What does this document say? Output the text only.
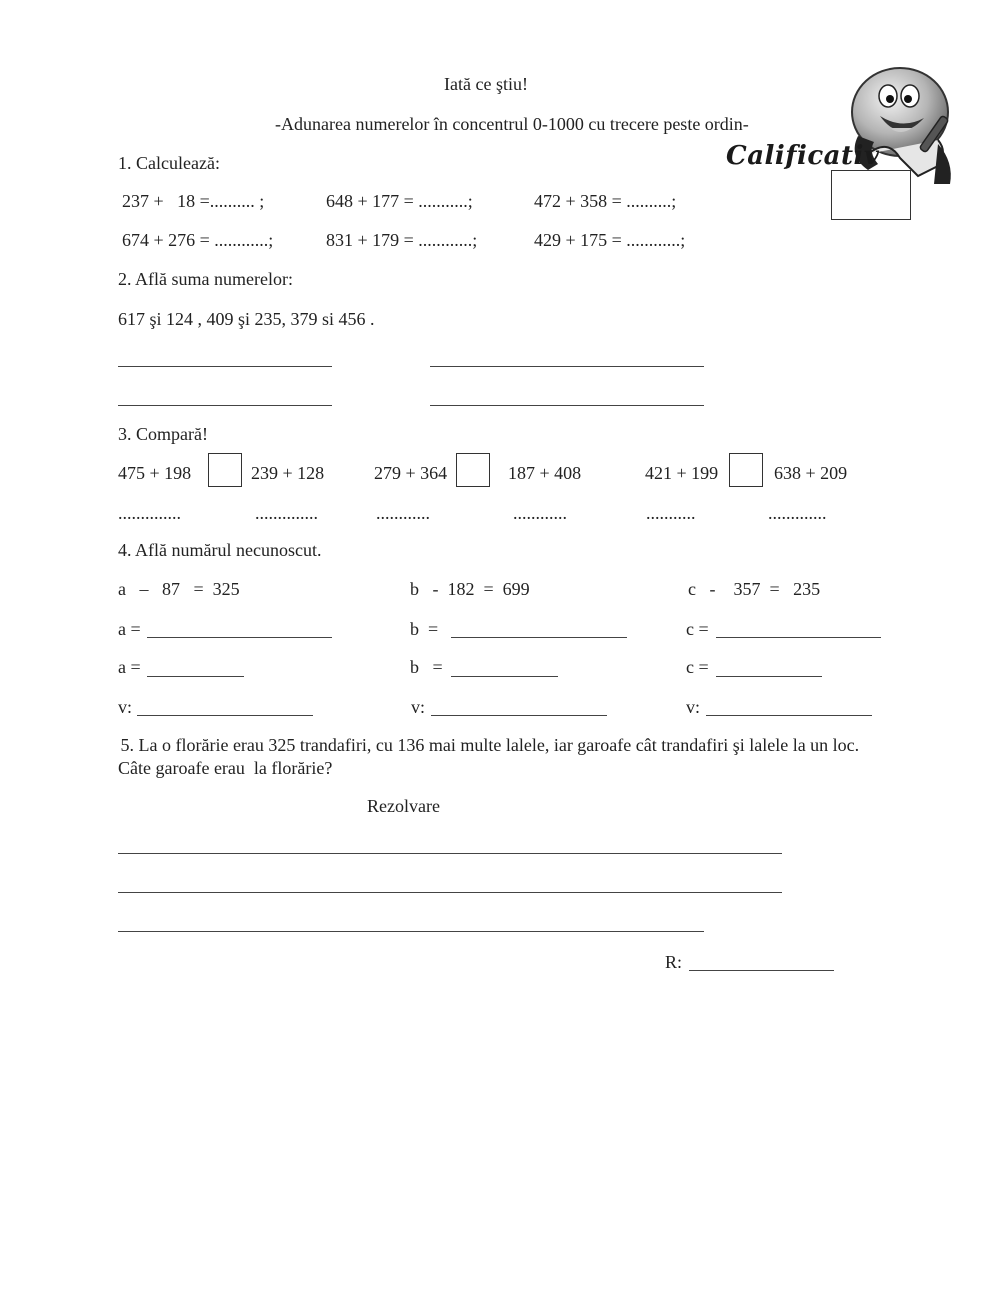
Iată ce ştiu!
-Adunarea numerelor în concentrul 0-1000 cu trecere peste ordin-
Calificativ
1. Calculează:
237 +   18 =.......... ;	648 + 177 = ...........;	472 + 358 = ..........;
674 + 276 = ............;	831 + 179 = ............;	429 + 175 = ............;
2. Află suma numerelor:
617 şi 124 , 409 şi 235, 379 si 456 .
3. Compară!
475 + 198	239 + 128	279 + 364	187 + 408	421 + 199	638 + 209
..............	..............	............	............	...........	.............
4. Află numărul necunoscut.
a   –   87   =  325	b   -  182  =  699	c   -    357  =   235
a =	b  =	c =
a =	b   =	c =
v:	v:	v:
5. La o florărie erau 325 trandafiri, cu 136 mai multe lalele, iar garoafe cât trandafiri şi lalele la un loc.
Câte garoafe erau  la florărie?
Rezolvare
R:
